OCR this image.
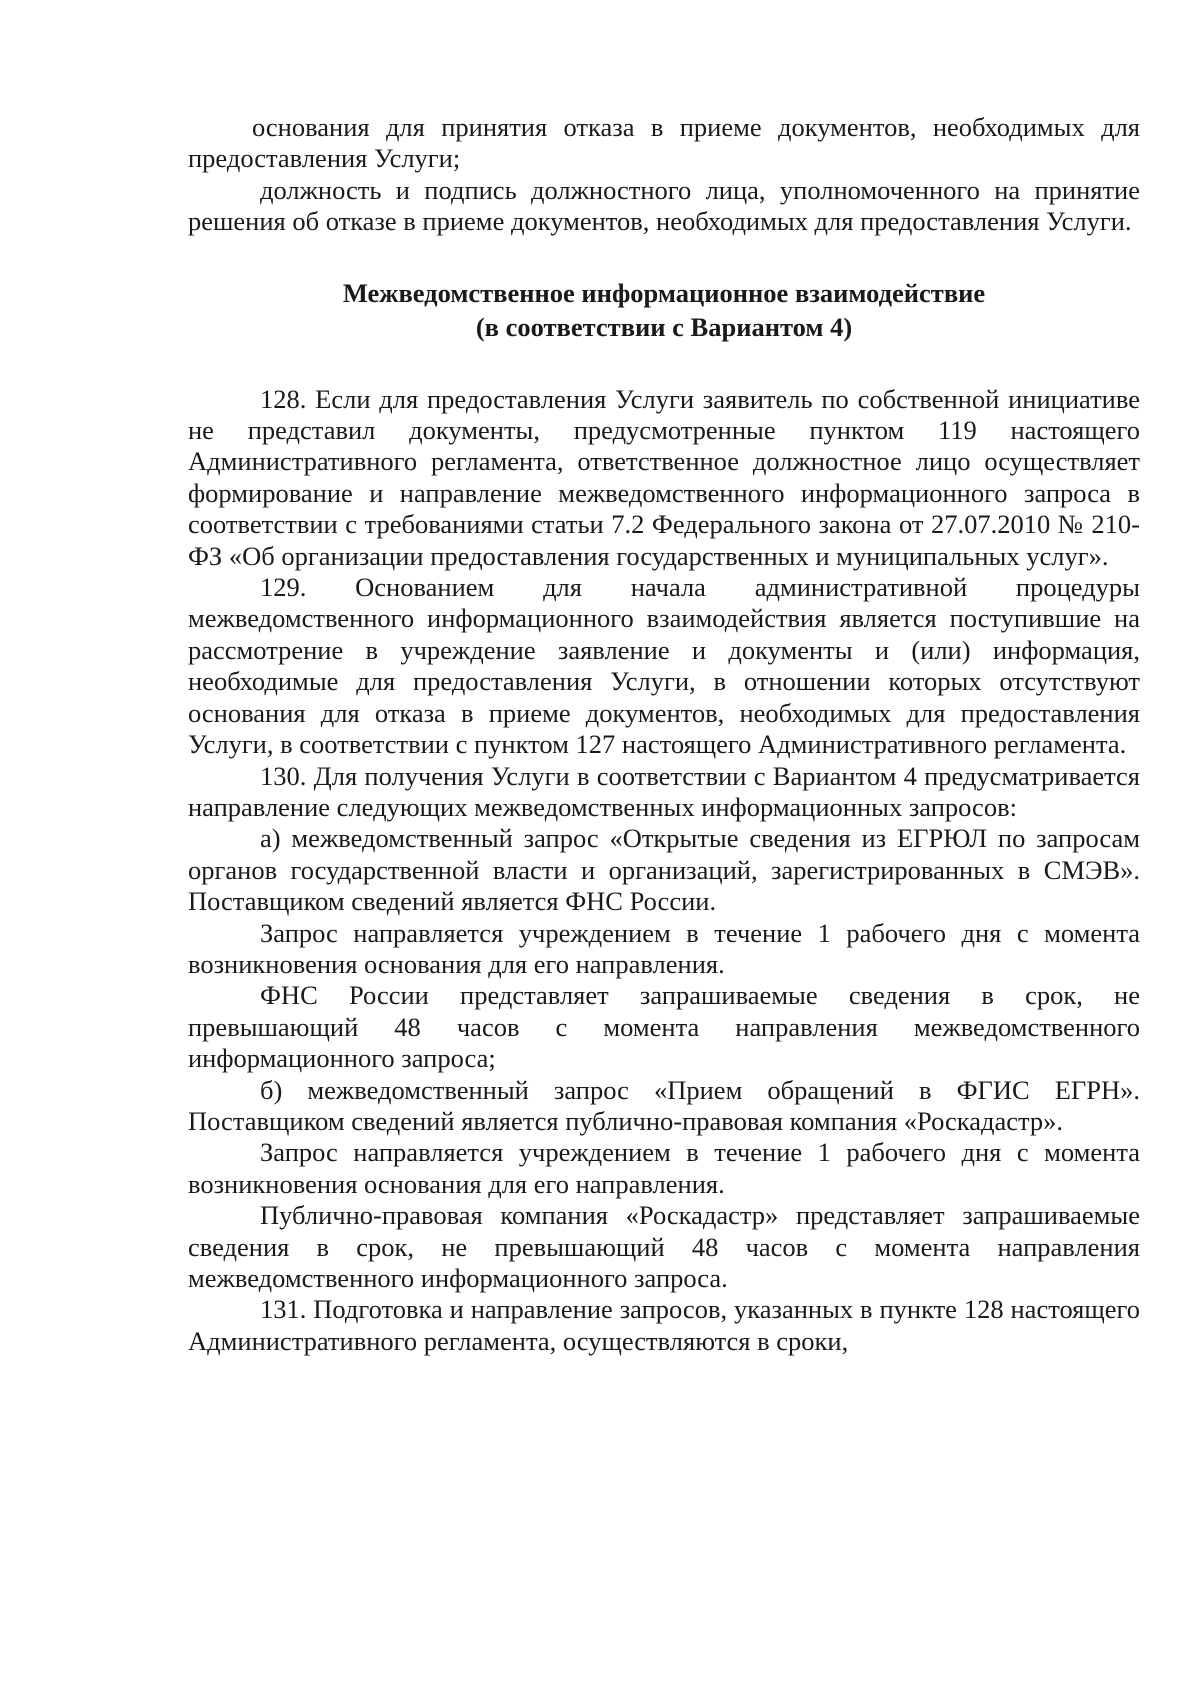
основания для принятия отказа в приеме документов, необходимых для предоставления Услуги;

должность и подпись должностного лица, уполномоченного на принятие решения об отказе в приеме документов, необходимых для предоставления Услуги.

Межведомственное информационное взаимодействие
(в соответствии с Вариантом 4)

128. Если для предоставления Услуги заявитель по собственной инициативе не представил документы, предусмотренные пунктом 119 настоящего Административного регламента, ответственное должностное лицо осуществляет формирование и направление межведомственного информационного запроса в соответствии с требованиями статьи 7.2 Федерального закона от 27.07.2010 № 210-ФЗ «Об организации предоставления государственных и муниципальных услуг».

129. Основанием для начала административной процедуры межведомственного информационного взаимодействия является поступившие на рассмотрение в учреждение заявление и документы и (или) информация, необходимые для предоставления Услуги, в отношении которых отсутствуют основания для отказа в приеме документов, необходимых для предоставления Услуги, в соответствии с пунктом 127 настоящего Административного регламента.

130. Для получения Услуги в соответствии с Вариантом 4 предусматривается направление следующих межведомственных информационных запросов:

а) межведомственный запрос «Открытые сведения из ЕГРЮЛ по запросам органов государственной власти и организаций, зарегистрированных в СМЭВ». Поставщиком сведений является ФНС России.

Запрос направляется учреждением в течение 1 рабочего дня с момента возникновения основания для его направления.

ФНС России представляет запрашиваемые сведения в срок, не превышающий 48 часов с момента направления межведомственного информационного запроса;

б) межведомственный запрос «Прием обращений в ФГИС ЕГРН». Поставщиком сведений является публично-правовая компания «Роскадастр».

Запрос направляется учреждением в течение 1 рабочего дня с момента возникновения основания для его направления.

Публично-правовая компания «Роскадастр» представляет запрашиваемые сведения в срок, не превышающий 48 часов с момента направления межведомственного информационного запроса.

131. Подготовка и направление запросов, указанных в пункте 128 настоящего Административного регламента, осуществляются в сроки,
